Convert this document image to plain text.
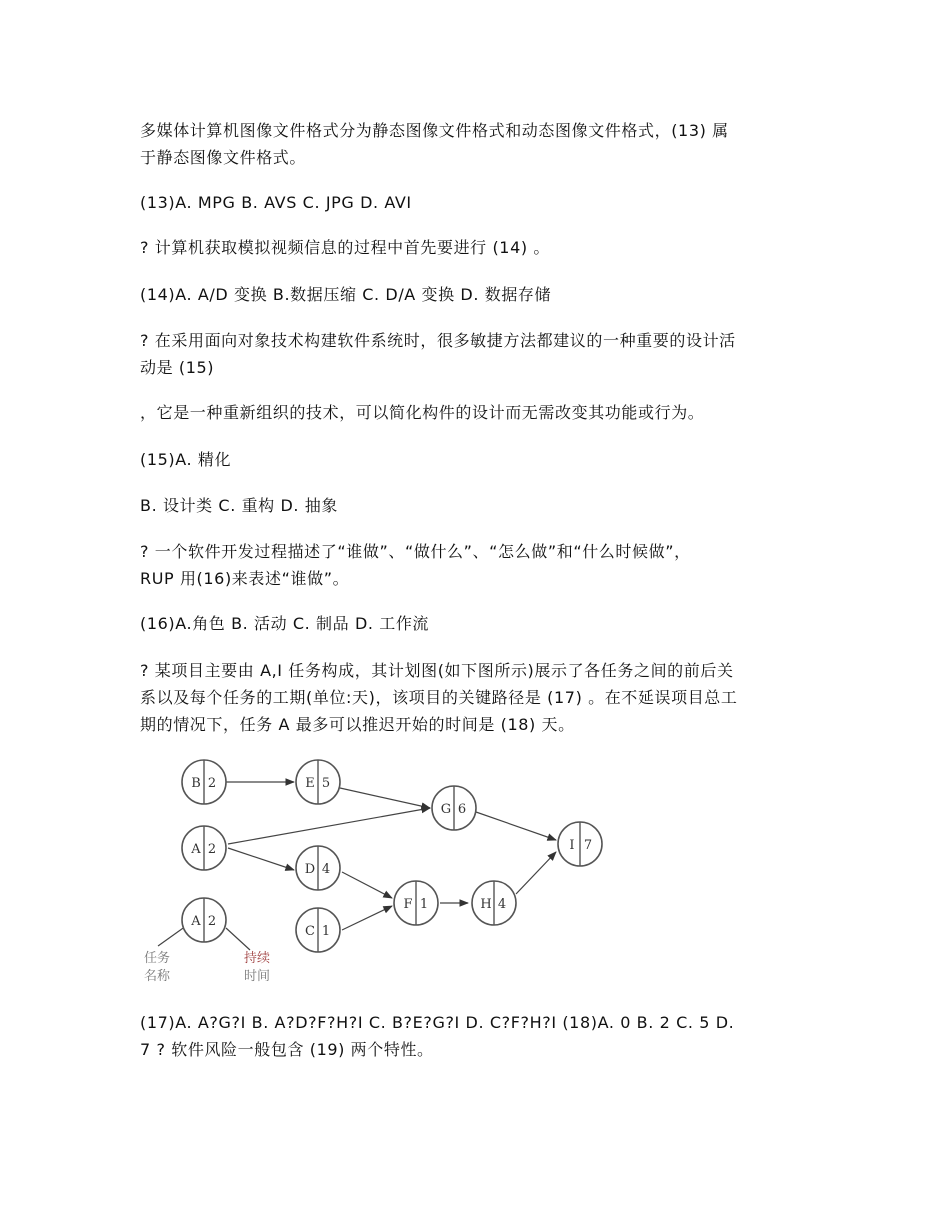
多媒体计算机图像文件格式分为静态图像文件格式和动态图像文件格式，(13) 属
于静态图像文件格式。
(13)A. MPG B. AVS C. JPG D. AVI
? 计算机获取模拟视频信息的过程中首先要进行 (14) 。
(14)A. A/D 变换 B.数据压缩 C. D/A 变换 D. 数据存储
? 在采用面向对象技术构建软件系统时，很多敏捷方法都建议的一种重要的设计活
动是 (15)
，它是一种重新组织的技术，可以简化构件的设计而无需改变其功能或行为。
(15)A. 精化
B. 设计类 C. 重构 D. 抽象
? 一个软件开发过程描述了“谁做”、“做什么”、“怎么做”和“什么时候做”，
RUP 用(16)来表述“谁做”。
(16)A.角色 B. 活动 C. 制品 D. 工作流
? 某项目主要由 A,I 任务构成，其计划图(如下图所示)展示了各任务之间的前后关
系以及每个任务的工期(单位:天)，该项目的关键路径是 (17) 。在不延误项目总工
期的情况下，任务 A 最多可以推迟开始的时间是 (18) 天。
B 2	E 5
G 6
A 2
D 4
F 1	H 4
I 7
C 1
A 2
任务
名称
持续
时间
(17)A. A?G?I B. A?D?F?H?I C. B?E?G?I D. C?F?H?I (18)A. 0 B. 2 C. 5 D.
7 ? 软件风险一般包含 (19) 两个特性。
